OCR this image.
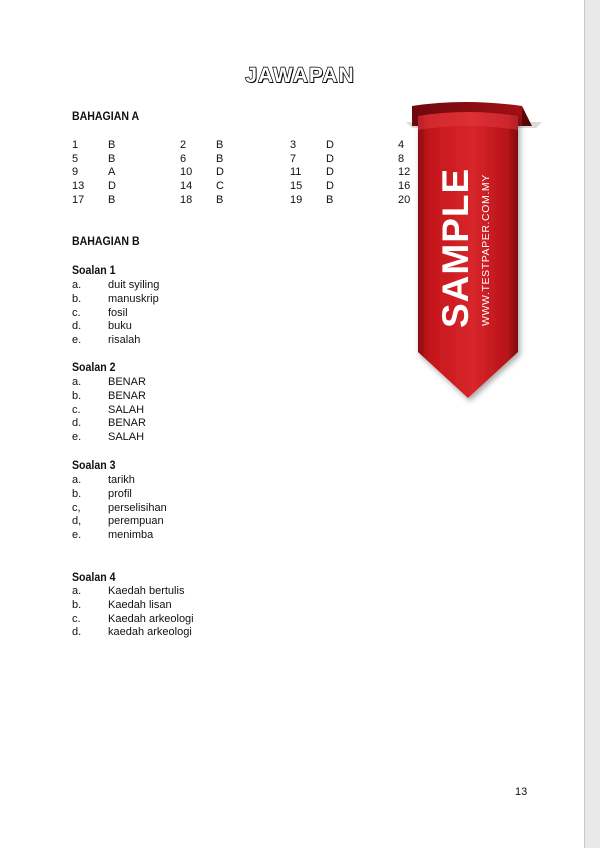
JAWAPAN
BAHAGIAN A
1	B	2	B	3	D	4
5	B	6	B	7	D	8
9	A	10 D	11 D	12
13 D	14 C	15 D	16
17 B	18 B	19 B	20
BAHAGIAN B
Soalan 1
a. duit syiling
b. manuskrip
c. fosil
d. buku
e. risalah
Soalan 2
a. BENAR
b. BENAR
c. SALAH
d. BENAR
e. SALAH
Soalan 3
a. tarikh
b. profil
c, perselisihan
d, perempuan
e. menimba
Soalan 4
a. Kaedah bertulis
b. Kaedah lisan
c. Kaedah arkeologi
d. kaedah arkeologi
13
SAMPLE WWW.TESTPAPER.COM.MY
